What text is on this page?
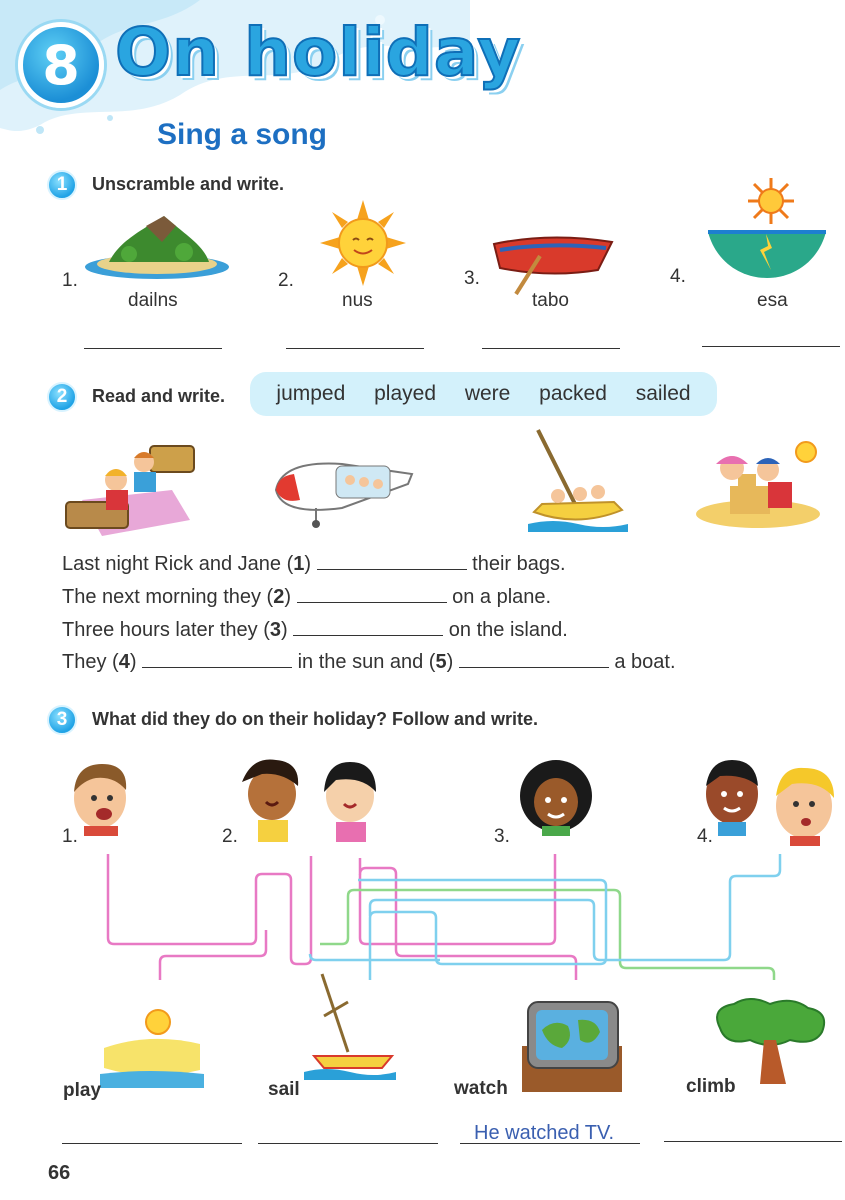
8 On holiday
Sing a song
1	Unscramble and write.
1.
dailns
2.
nus
3.
tabo
4.
esa
2	Read and write. jumped played were packed sailed
Last night Rick and Jane (1)	their bags.
The next morning they (2)	on a plane.
Three hours later they (3)	on the island.
They (4)	in the sun and (5)	a boat.
3	What did they do on their holiday? Follow and write.
1.	2.	3.	4.
play	sail	watch	climb
He watched TV.
66
